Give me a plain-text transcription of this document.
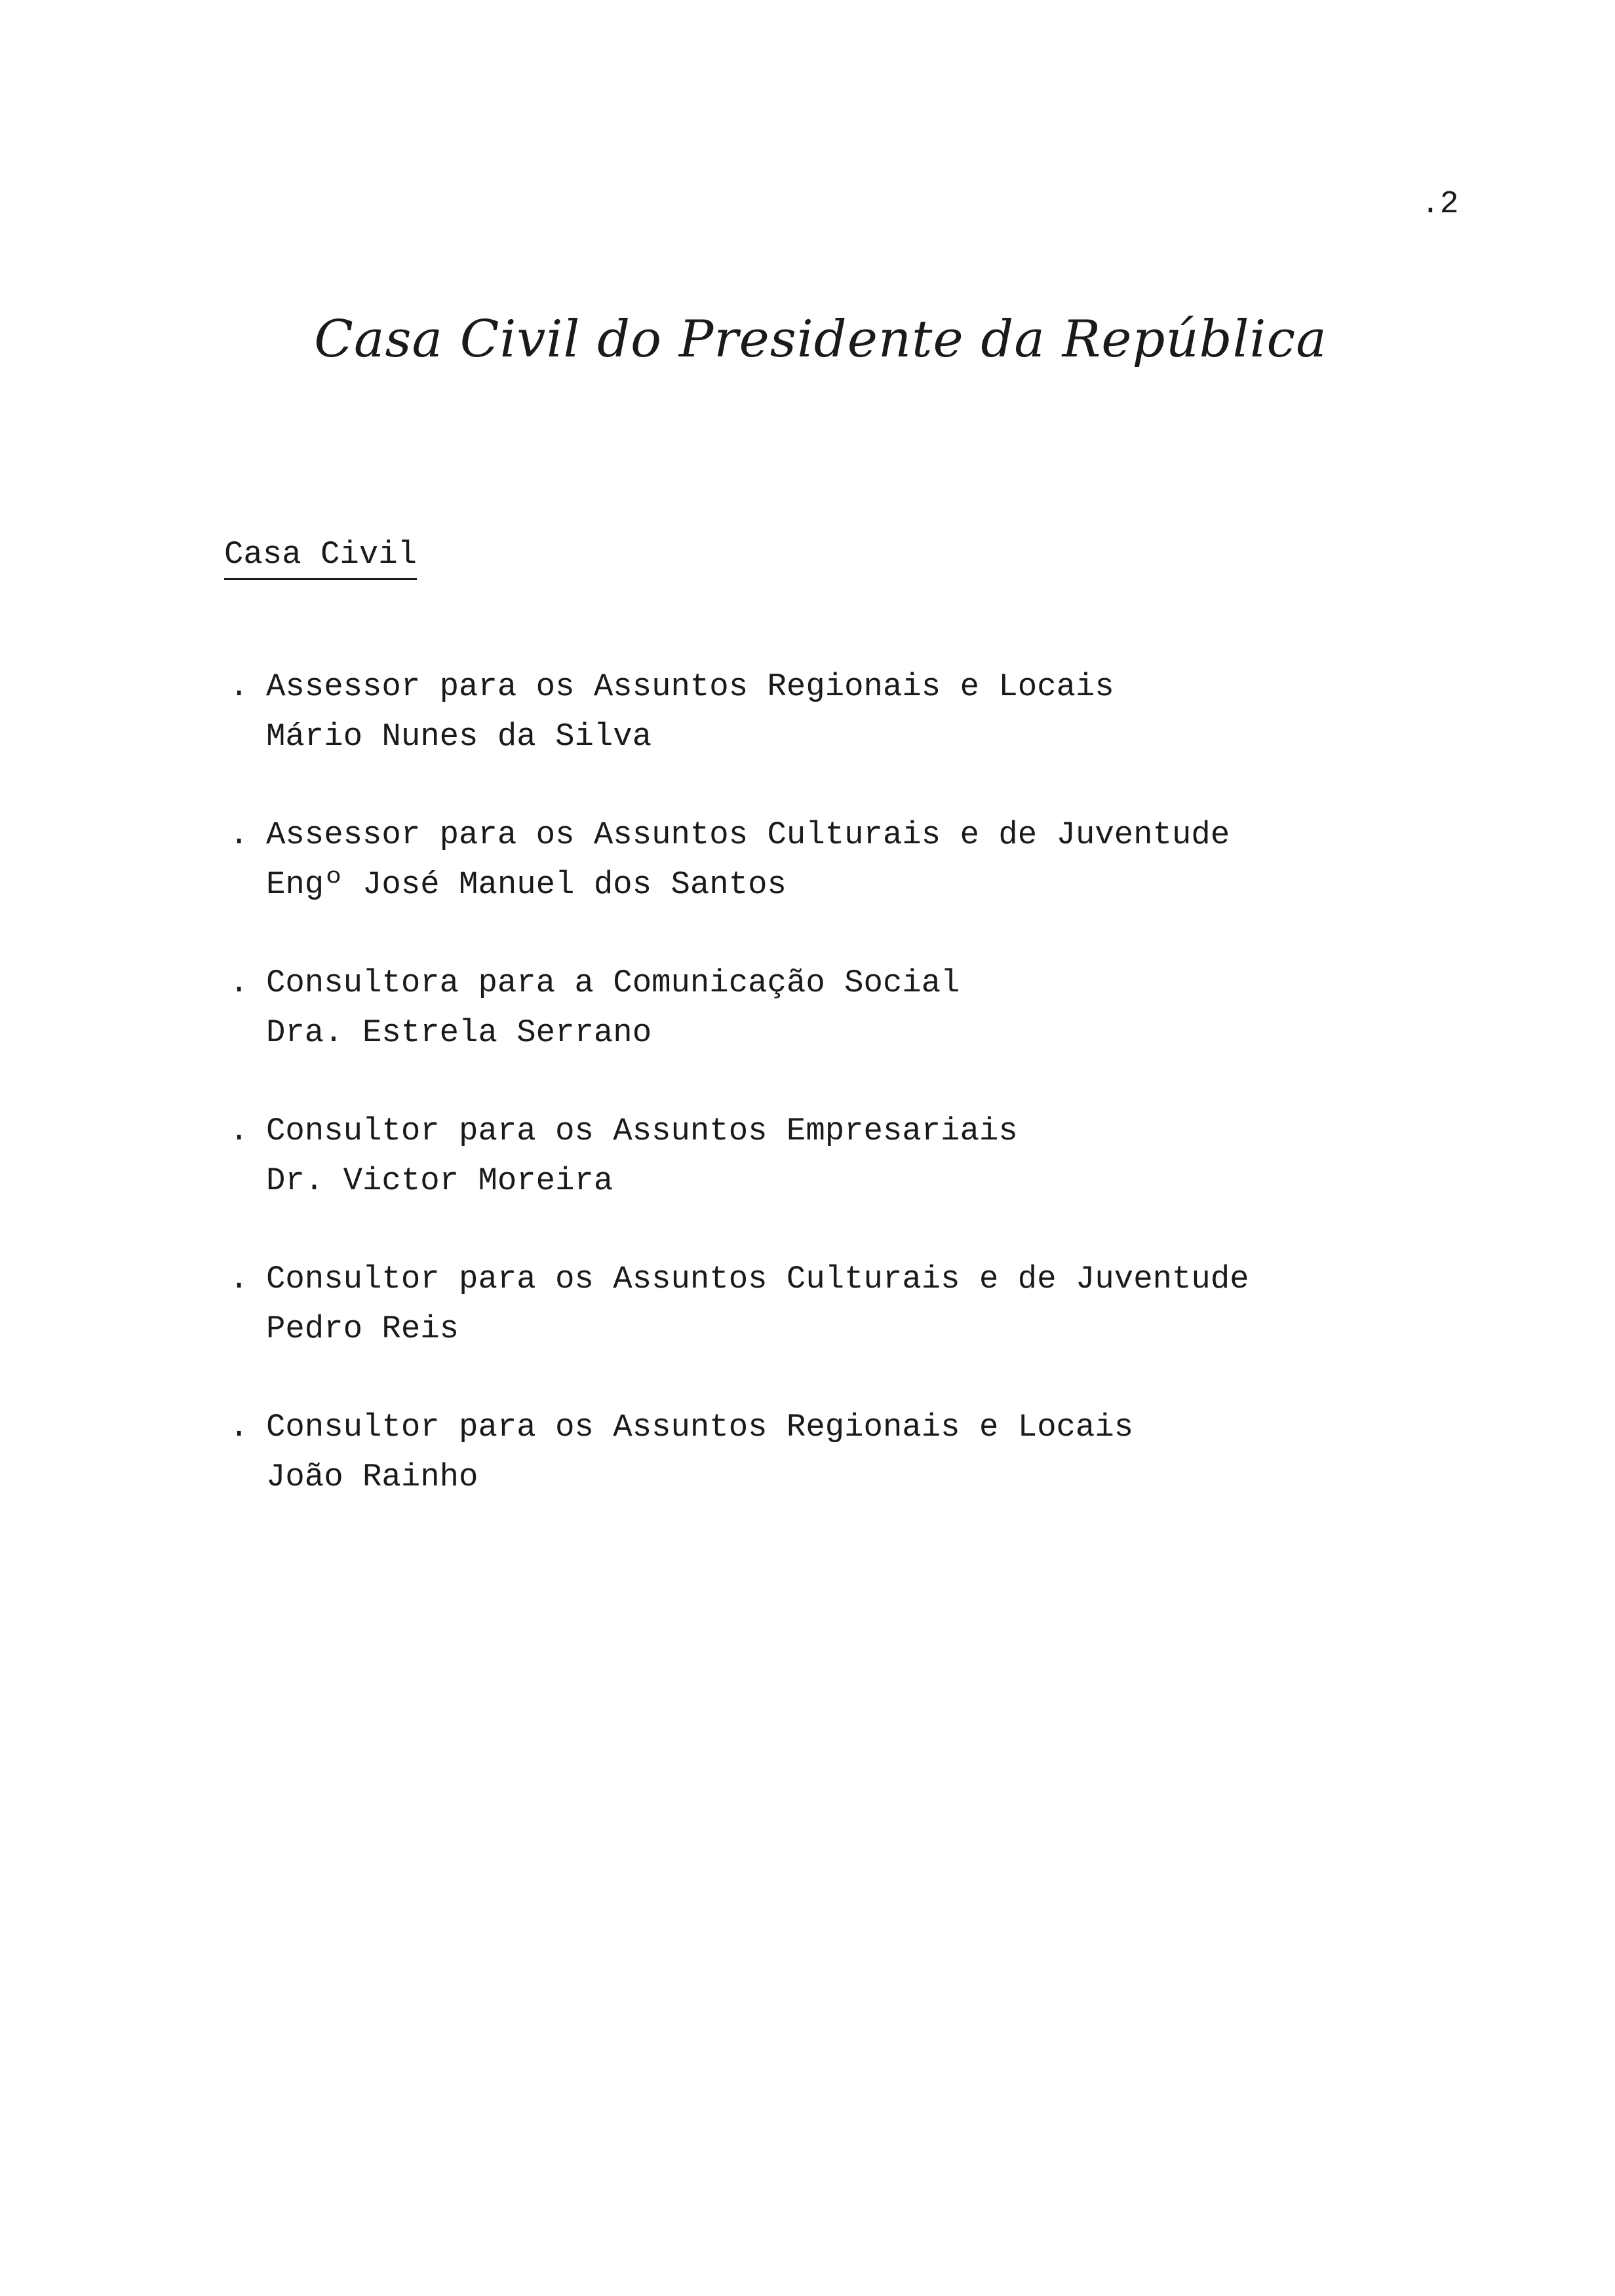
.2
Casa Civil do Presidente da República
Casa Civil
. Assessor para os Assuntos Regionais e Locais
Mário Nunes da Silva
. Assessor para os Assuntos Culturais e de Juventude
Engº José Manuel dos Santos
. Consultora para a Comunicação Social
Dra. Estrela Serrano
. Consultor para os Assuntos Empresariais
Dr. Victor Moreira
. Consultor para os Assuntos Culturais e de Juventude
Pedro Reis
. Consultor para os Assuntos Regionais e Locais
João Rainho
